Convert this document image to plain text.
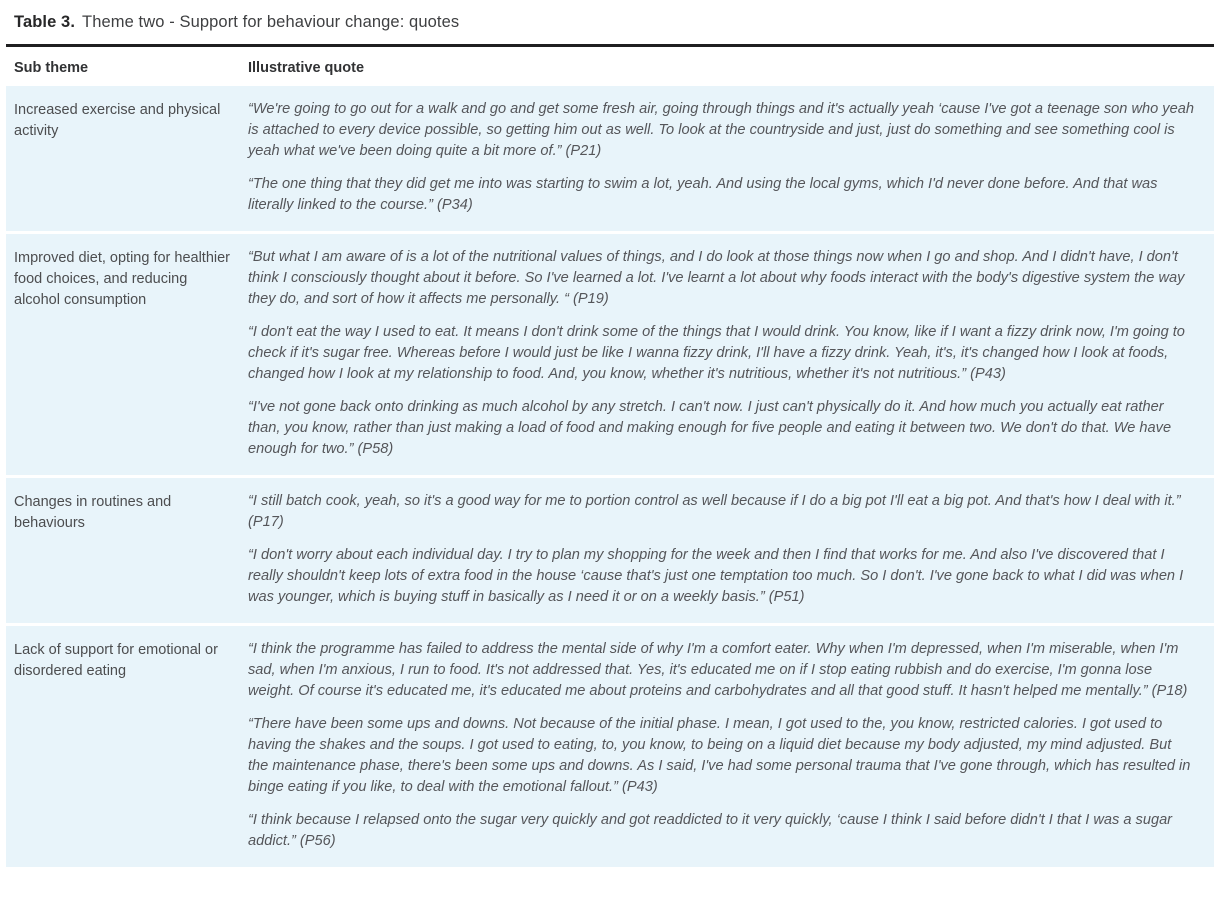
Table 3. Theme two - Support for behaviour change: quotes
Sub theme	Illustrative quote
Increased exercise and physical activity

“We're going to go out for a walk and go and get some fresh air, going through things and it's actually yeah ‘cause I've got a teenage son who yeah is attached to every device possible, so getting him out as well. To look at the countryside and just, just do something and see something cool is yeah what we've been doing quite a bit more of.” (P21)

“The one thing that they did get me into was starting to swim a lot, yeah. And using the local gyms, which I'd never done before. And that was literally linked to the course.” (P34)

Improved diet, opting for healthier food choices, and reducing alcohol consumption

“But what I am aware of is a lot of the nutritional values of things, and I do look at those things now when I go and shop. And I didn't have, I don't think I consciously thought about it before. So I've learned a lot. I've learnt a lot about why foods interact with the body's digestive system the way they do, and sort of how it affects me personally. “ (P19)

“I don't eat the way I used to eat. It means I don't drink some of the things that I would drink. You know, like if I want a fizzy drink now, I'm going to check if it's sugar free. Whereas before I would just be like I wanna fizzy drink, I'll have a fizzy drink. Yeah, it's, it's changed how I look at foods, changed how I look at my relationship to food. And, you know, whether it's nutritious, whether it's not nutritious.” (P43)

“I've not gone back onto drinking as much alcohol by any stretch. I can't now. I just can't physically do it. And how much you actually eat rather than, you know, rather than just making a load of food and making enough for five people and eating it between two. We don't do that. We have enough for two.” (P58)

Changes in routines and behaviours

“I still batch cook, yeah, so it's a good way for me to portion control as well because if I do a big pot I'll eat a big pot. And that's how I deal with it.” (P17)

“I don't worry about each individual day. I try to plan my shopping for the week and then I find that works for me. And also I've discovered that I really shouldn't keep lots of extra food in the house ‘cause that's just one temptation too much. So I don't. I've gone back to what I did was when I was younger, which is buying stuff in basically as I need it or on a weekly basis.” (P51)

Lack of support for emotional or disordered eating

“I think the programme has failed to address the mental side of why I'm a comfort eater. Why when I'm depressed, when I'm miserable, when I'm sad, when I'm anxious, I run to food. It's not addressed that. Yes, it's educated me on if I stop eating rubbish and do exercise, I'm gonna lose weight. Of course it's educated me, it's educated me about proteins and carbohydrates and all that good stuff. It hasn't helped me mentally.” (P18)

“There have been some ups and downs. Not because of the initial phase. I mean, I got used to the, you know, restricted calories. I got used to having the shakes and the soups. I got used to eating, to, you know, to being on a liquid diet because my body adjusted, my mind adjusted. But the maintenance phase, there's been some ups and downs. As I said, I've had some personal trauma that I've gone through, which has resulted in binge eating if you like, to deal with the emotional fallout.” (P43)

“I think because I relapsed onto the sugar very quickly and got readdicted to it very quickly, ‘cause I think I said before didn't I that I was a sugar addict.” (P56)
